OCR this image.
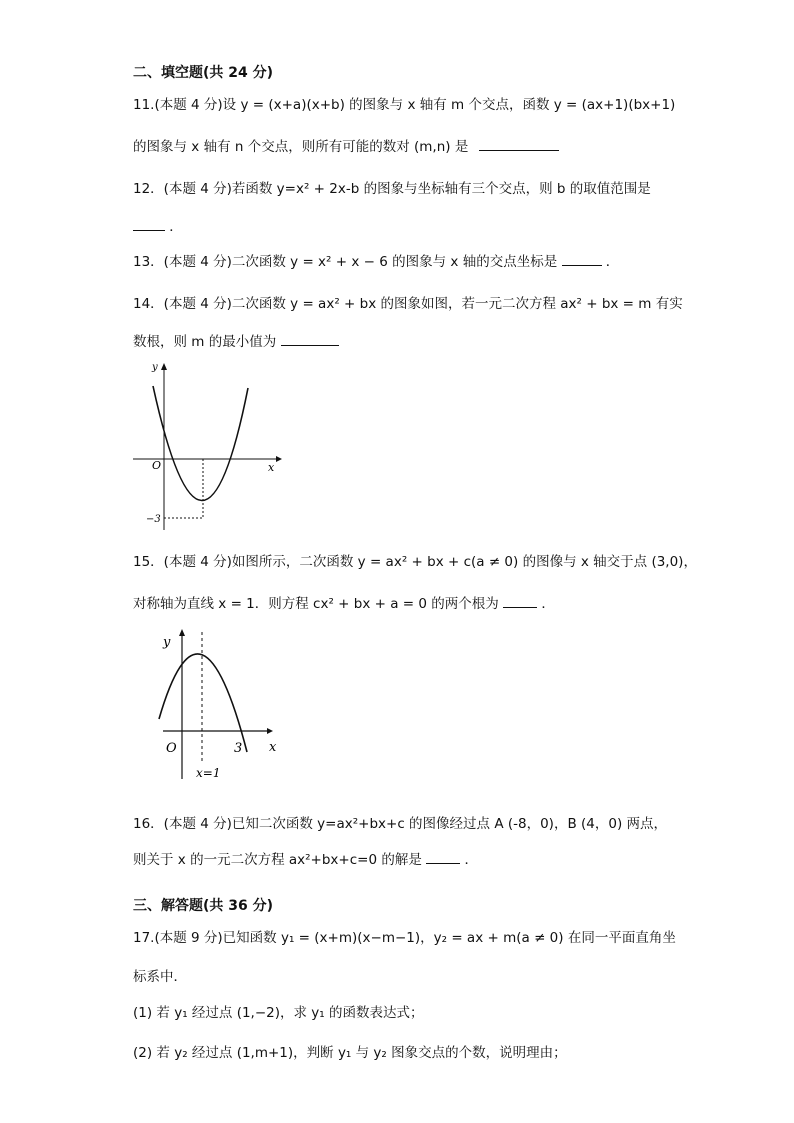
二、填空题(共 24 分)
11.(本题 4 分)设 y = (x+a)(x+b) 的图象与 x 轴有 m 个交点，函数 y = (ax+1)(bx+1)
的图象与 x 轴有 n 个交点，则所有可能的数对 (m,n) 是
12．(本题 4 分)若函数 y=x² + 2x-b 的图象与坐标轴有三个交点，则 b 的取值范围是
．
13．(本题 4 分)二次函数 y = x² + x − 6 的图象与 x 轴的交点坐标是	．
14．(本题 4 分)二次函数 y = ax² + bx 的图象如图，若一元二次方程 ax² + bx = m 有实
数根，则 m 的最小值为
y
x
O
−3
15．(本题 4 分)如图所示，二次函数 y = ax² + bx + c(a ≠ 0) 的图像与 x 轴交于点 (3,0)，
对称轴为直线 x = 1．则方程 cx² + bx + a = 0 的两个根为	．
y
x
O	3
x=1
16．(本题 4 分)已知二次函数 y=ax²+bx+c 的图像经过点 A (-8，0)，B (4，0) 两点，
则关于 x 的一元二次方程 ax²+bx+c=0 的解是	．
三、解答题(共 36 分)
17.(本题 9 分)已知函数 y₁ = (x+m)(x−m−1)，y₂ = ax + m(a ≠ 0) 在同一平面直角坐
标系中．
(1) 若 y₁ 经过点 (1,−2)，求 y₁ 的函数表达式；
(2) 若 y₂ 经过点 (1,m+1)，判断 y₁ 与 y₂ 图象交点的个数，说明理由；
